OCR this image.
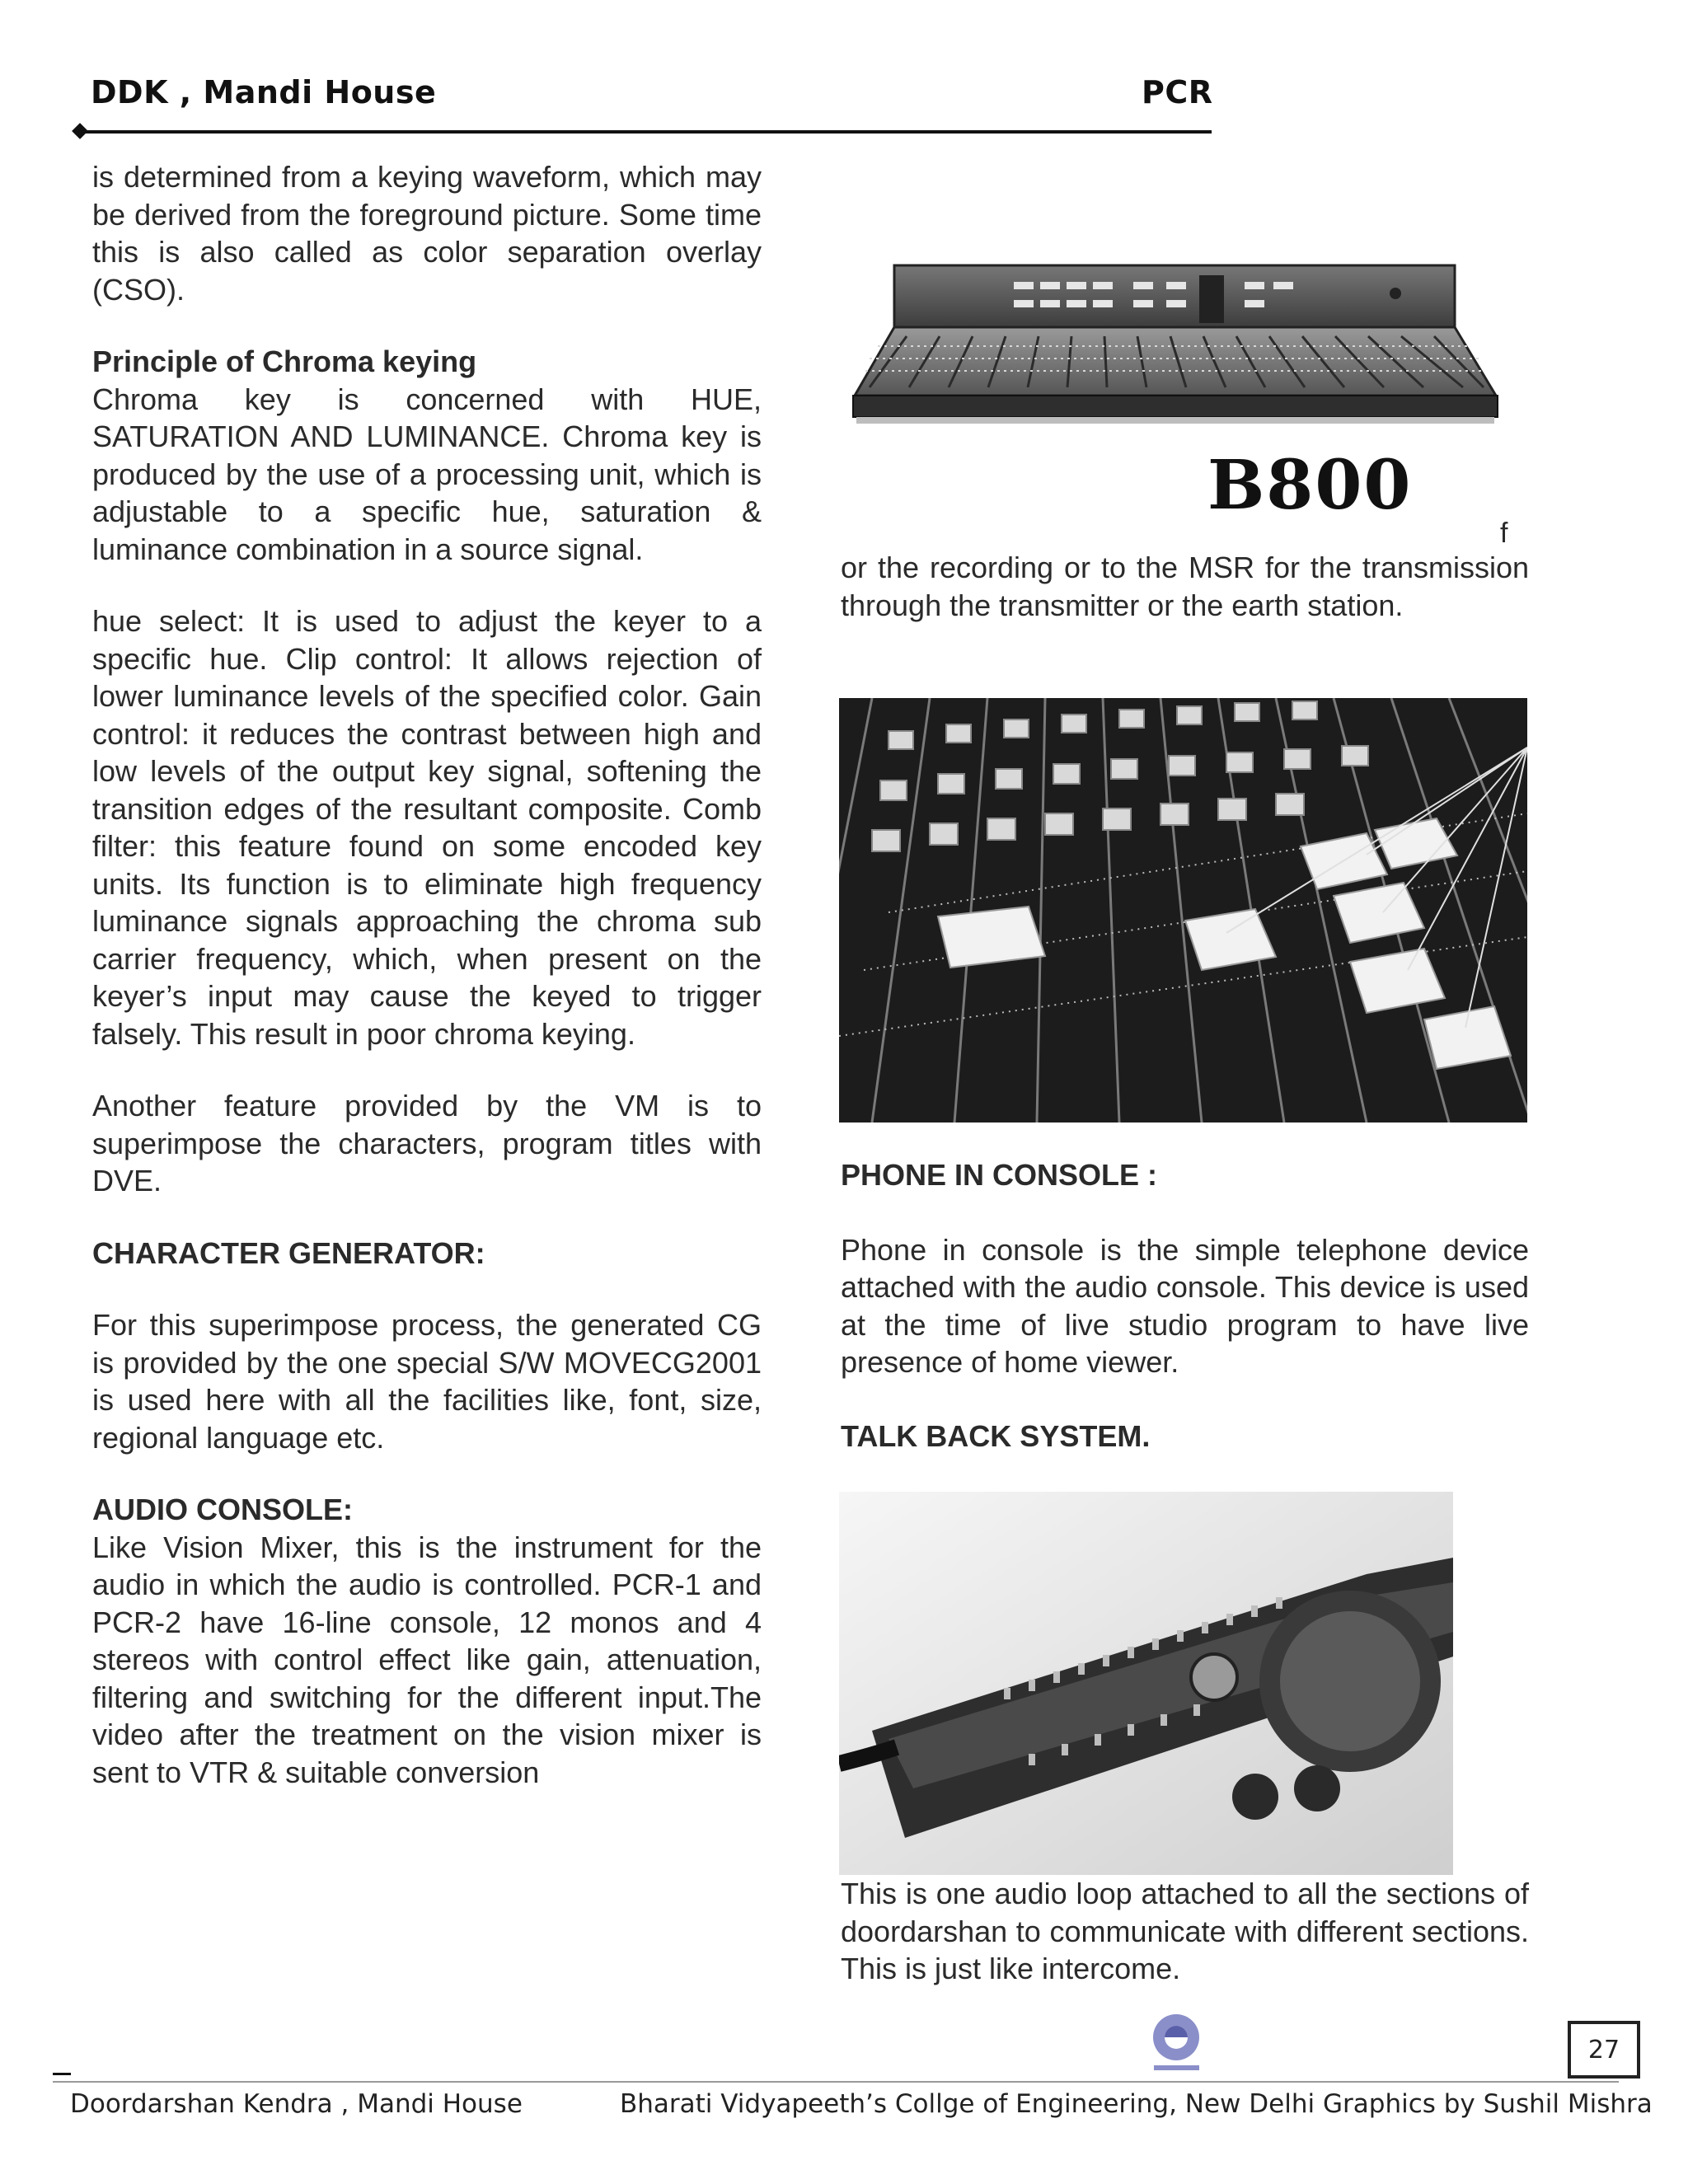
DDK , Mandi House	PCR

is determined from a keying waveform, which may be derived from the foreground picture. Some time this is also called as color separation overlay (CSO).

Principle of Chroma keying

Chroma key is concerned with HUE, SATURATION AND LUMINANCE. Chroma key is produced by the use of a processing unit, which is adjustable to a specific hue, saturation & luminance combination in a source signal.

hue select: It is used to adjust the keyer to a specific hue. Clip control: It allows rejection of lower luminance levels of the specified color. Gain control: it reduces the contrast between high and low levels of the output key signal, softening the transition edges of the resultant composite. Comb filter: this feature found on some encoded key units. Its function is to eliminate high frequency luminance signals approaching the chroma sub carrier frequency, which, when present on the keyer’s input may cause the keyed to trigger falsely. This result in poor chroma keying.

Another feature provided by the VM is to superimpose the characters, program titles with DVE.

CHARACTER GENERATOR:

For this superimpose process, the generated CG is provided by the one special S/W MOVECG2001 is used here with all the facilities like, font, size, regional language etc.

AUDIO CONSOLE:

Like Vision Mixer, this is the instrument for the audio in which the audio is controlled. PCR-1 and PCR-2 have 16-line console, 12 monos and 4 stereos with control effect like gain, attenuation, filtering and switching for the different input.The video after the treatment on the vision mixer is sent to VTR & suitable conversion

B800
f

or the recording or to the MSR for the transmission through the transmitter or the earth station.

PHONE IN CONSOLE :

Phone in console is the simple telephone device attached with the audio console. This device is used at the time of live studio program to have live presence of home viewer.

TALK BACK SYSTEM.

This is one audio loop attached to all the sections of doordarshan to communicate with different sections. This is just like intercome.

27
Doordarshan Kendra , Mandi House	Bharati Vidyapeeth’s Collge of Engineering, New Delhi Graphics by Sushil Mishra
